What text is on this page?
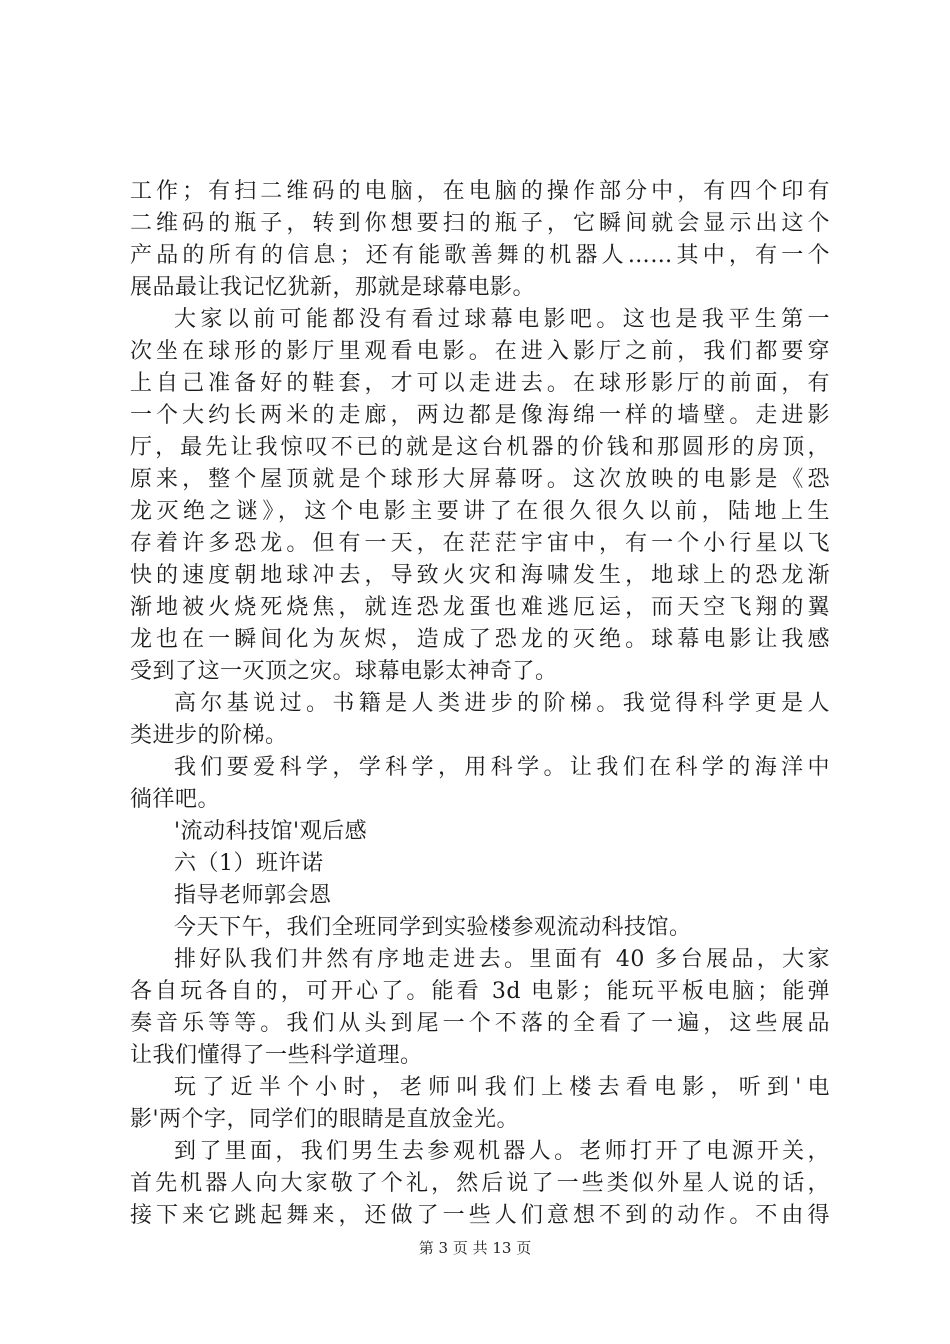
工作；有扫二维码的电脑，在电脑的操作部分中，有四个印有
二维码的瓶子，转到你想要扫的瓶子，它瞬间就会显示出这个
产品的所有的信息；还有能歌善舞的机器人……其中，有一个
展品最让我记忆犹新，那就是球幕电影。
大家以前可能都没有看过球幕电影吧。这也是我平生第一
次坐在球形的影厅里观看电影。在进入影厅之前，我们都要穿
上自己准备好的鞋套，才可以走进去。在球形影厅的前面，有
一个大约长两米的走廊，两边都是像海绵一样的墙壁。走进影
厅，最先让我惊叹不已的就是这台机器的价钱和那圆形的房顶，
原来，整个屋顶就是个球形大屏幕呀。这次放映的电影是《恐
龙灭绝之谜》，这个电影主要讲了在很久很久以前，陆地上生
存着许多恐龙。但有一天，在茫茫宇宙中，有一个小行星以飞
快的速度朝地球冲去，导致火灾和海啸发生，地球上的恐龙渐
渐地被火烧死烧焦，就连恐龙蛋也难逃厄运，而天空飞翔的翼
龙也在一瞬间化为灰烬，造成了恐龙的灭绝。球幕电影让我感
受到了这一灭顶之灾。球幕电影太神奇了。
高尔基说过。书籍是人类进步的阶梯。我觉得科学更是人
类进步的阶梯。
我们要爱科学，学科学，用科学。让我们在科学的海洋中
徜徉吧。
'流动科技馆'观后感
六（1）班许诺
指导老师郭会恩
今天下午，我们全班同学到实验楼参观流动科技馆。
排好队我们井然有序地走进去。里面有 40 多台展品，大家
各自玩各自的，可开心了。能看 3d 电影；能玩平板电脑；能弹
奏音乐等等。我们从头到尾一个不落的全看了一遍，这些展品
让我们懂得了一些科学道理。
玩了近半个小时，老师叫我们上楼去看电影，听到'电
影'两个字，同学们的眼睛是直放金光。
到了里面，我们男生去参观机器人。老师打开了电源开关，
首先机器人向大家敬了个礼，然后说了一些类似外星人说的话，
接下来它跳起舞来，还做了一些人们意想不到的动作。不由得
第 3 页 共 13 页
